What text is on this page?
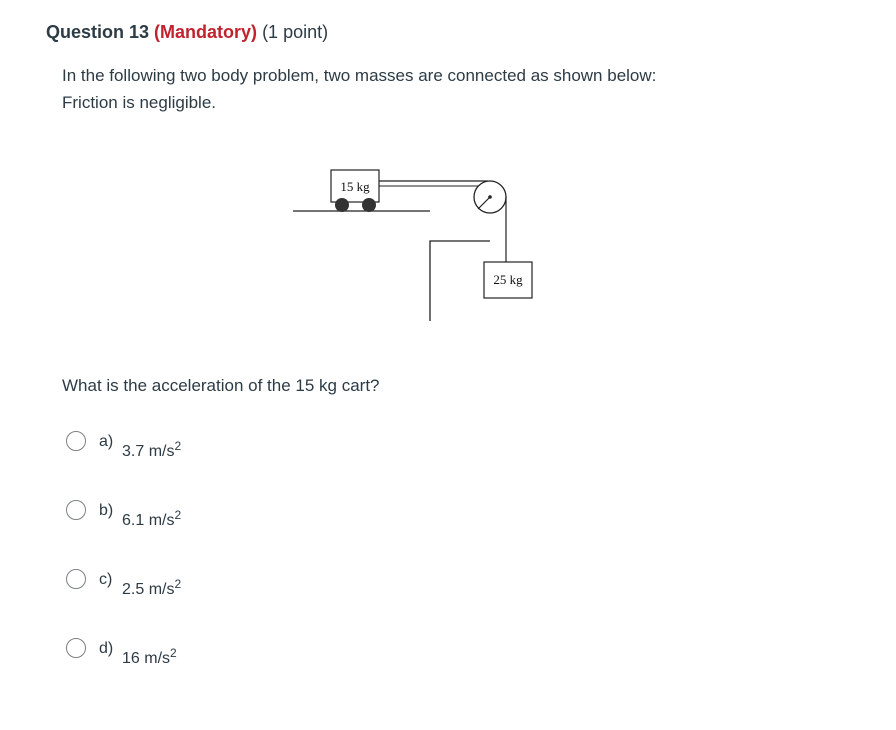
Question 13 (Mandatory) (1 point)
In the following two body problem, two masses are connected as shown below:
Friction is negligible.
15 kg
25 kg
What is the acceleration of the 15 kg cart?
a)
3.7 $m/s^2$
b)
6.1 $m/s^2$
c)
2.5 $m/s^2$
d)
16 $m/s^2$
